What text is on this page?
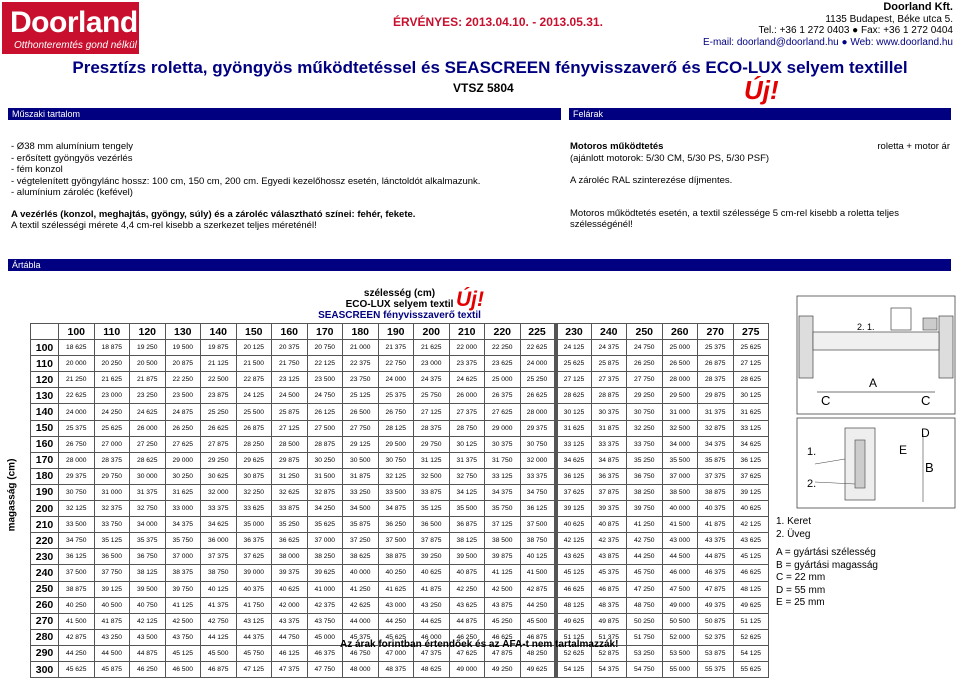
Doorland
Otthonteremtés gond nélkül
ÉRVÉNYES: 2013.04.10. - 2013.05.31.
Doorland Kft.
1135 Budapest, Béke utca 5.
Tel.: +36 1 272 0403 ● Fax: +36 1 272 0404
E-mail: doorland@doorland.hu ● Web: www.doorland.hu
Presztízs roletta, gyöngyös működtetéssel és SEASCREEN fényvisszaverő és ECO-LUX selyem textillel
VTSZ 5804	Új!
Műszaki tartalom	Felárak
- Ø38 mm alumínium tengely
- erősített gyöngyös vezérlés
- fém konzol
- végtelenített gyöngylánc hossz: 100 cm, 150 cm, 200 cm. Egyedi kezelőhossz esetén, lánctoldót alkalmazunk.
- alumínium zároléc (kefével)
A vezérlés (konzol, meghajtás, gyöngy, súly) és a zároléc választható színei: fehér, fekete.
A textil szélességi mérete 4,4 cm-rel kisebb a szerkezet teljes méreténél!
Motoros működtetés	roletta + motor ár
(ajánlott motorok: 5/30 CM, 5/30 PS, 5/30 PSF)
A zároléc RAL szinterezése díjmentes.
Motoros működtetés esetén, a textil szélessége 5 cm-rel kisebb a roletta teljes szélességénél!
Ártábla
szélesség (cm)
ECO-LUX selyem textil
SEASCREEN fényvisszaverő textil
Új!
magasság (cm)
	100	110	120	130	140	150	160	170	180	190	200	210	220	225	230	240	250	260	270	275
100	18 625	18 875	19 250	19 500	19 875	20 125	20 375	20 750	21 000	21 375	21 625	22 000	22 250	22 625	24 125	24 375	24 750	25 000	25 375	25 625
110	20 000	20 250	20 500	20 875	21 125	21 500	21 750	22 125	22 375	22 750	23 000	23 375	23 625	24 000	25 625	25 875	26 250	26 500	26 875	27 125
120	21 250	21 625	21 875	22 250	22 500	22 875	23 125	23 500	23 750	24 000	24 375	24 625	25 000	25 250	27 125	27 375	27 750	28 000	28 375	28 625
130	22 625	23 000	23 250	23 500	23 875	24 125	24 500	24 750	25 125	25 375	25 750	26 000	26 375	26 625	28 625	28 875	29 250	29 500	29 875	30 125
140	24 000	24 250	24 625	24 875	25 250	25 500	25 875	26 125	26 500	26 750	27 125	27 375	27 625	28 000	30 125	30 375	30 750	31 000	31 375	31 625
150	25 375	25 625	26 000	26 250	26 625	26 875	27 125	27 500	27 750	28 125	28 375	28 750	29 000	29 375	31 625	31 875	32 250	32 500	32 875	33 125
160	26 750	27 000	27 250	27 625	27 875	28 250	28 500	28 875	29 125	29 500	29 750	30 125	30 375	30 750	33 125	33 375	33 750	34 000	34 375	34 625
170	28 000	28 375	28 625	29 000	29 250	29 625	29 875	30 250	30 500	30 750	31 125	31 375	31 750	32 000	34 625	34 875	35 250	35 500	35 875	36 125
180	29 375	29 750	30 000	30 250	30 625	30 875	31 250	31 500	31 875	32 125	32 500	32 750	33 125	33 375	36 125	36 375	36 750	37 000	37 375	37 625
190	30 750	31 000	31 375	31 625	32 000	32 250	32 625	32 875	33 250	33 500	33 875	34 125	34 375	34 750	37 625	37 875	38 250	38 500	38 875	39 125
200	32 125	32 375	32 750	33 000	33 375	33 625	33 875	34 250	34 500	34 875	35 125	35 500	35 750	36 125	39 125	39 375	39 750	40 000	40 375	40 625
210	33 500	33 750	34 000	34 375	34 625	35 000	35 250	35 625	35 875	36 250	36 500	36 875	37 125	37 500	40 625	40 875	41 250	41 500	41 875	42 125
220	34 750	35 125	35 375	35 750	36 000	36 375	36 625	37 000	37 250	37 500	37 875	38 125	38 500	38 750	42 125	42 375	42 750	43 000	43 375	43 625
230	36 125	36 500	36 750	37 000	37 375	37 625	38 000	38 250	38 625	38 875	39 250	39 500	39 875	40 125	43 625	43 875	44 250	44 500	44 875	45 125
240	37 500	37 750	38 125	38 375	38 750	39 000	39 375	39 625	40 000	40 250	40 625	40 875	41 125	41 500	45 125	45 375	45 750	46 000	46 375	46 625
250	38 875	39 125	39 500	39 750	40 125	40 375	40 625	41 000	41 250	41 625	41 875	42 250	42 500	42 875	46 625	46 875	47 250	47 500	47 875	48 125
260	40 250	40 500	40 750	41 125	41 375	41 750	42 000	42 375	42 625	43 000	43 250	43 625	43 875	44 250	48 125	48 375	48 750	49 000	49 375	49 625
270	41 500	41 875	42 125	42 500	42 750	43 125	43 375	43 750	44 000	44 250	44 625	44 875	45 250	45 500	49 625	49 875	50 250	50 500	50 875	51 125
280	42 875	43 250	43 500	43 750	44 125	44 375	44 750	45 000	45 375	45 625	46 000	46 250	46 625	46 875	51 125	51 375	51 750	52 000	52 375	52 625
290	44 250	44 500	44 875	45 125	45 500	45 750	46 125	46 375	46 750	47 000	47 375	47 625	47 875	48 250	52 625	52 875	53 250	53 500	53 875	54 125
300	45 625	45 875	46 250	46 500	46 875	47 125	47 375	47 750	48 000	48 375	48 625	49 000	49 250	49 625	54 125	54 375	54 750	55 000	55 375	55 625
Az árak forintban értendőek és az ÁFA-t nem tartalmazzák!
2. 1.
C
A
C
D
E
B
1.
2.
1. Keret
2. Üveg
A = gyártási szélesség
B = gyártási magasság
C = 22 mm
D = 55 mm
E = 25 mm
